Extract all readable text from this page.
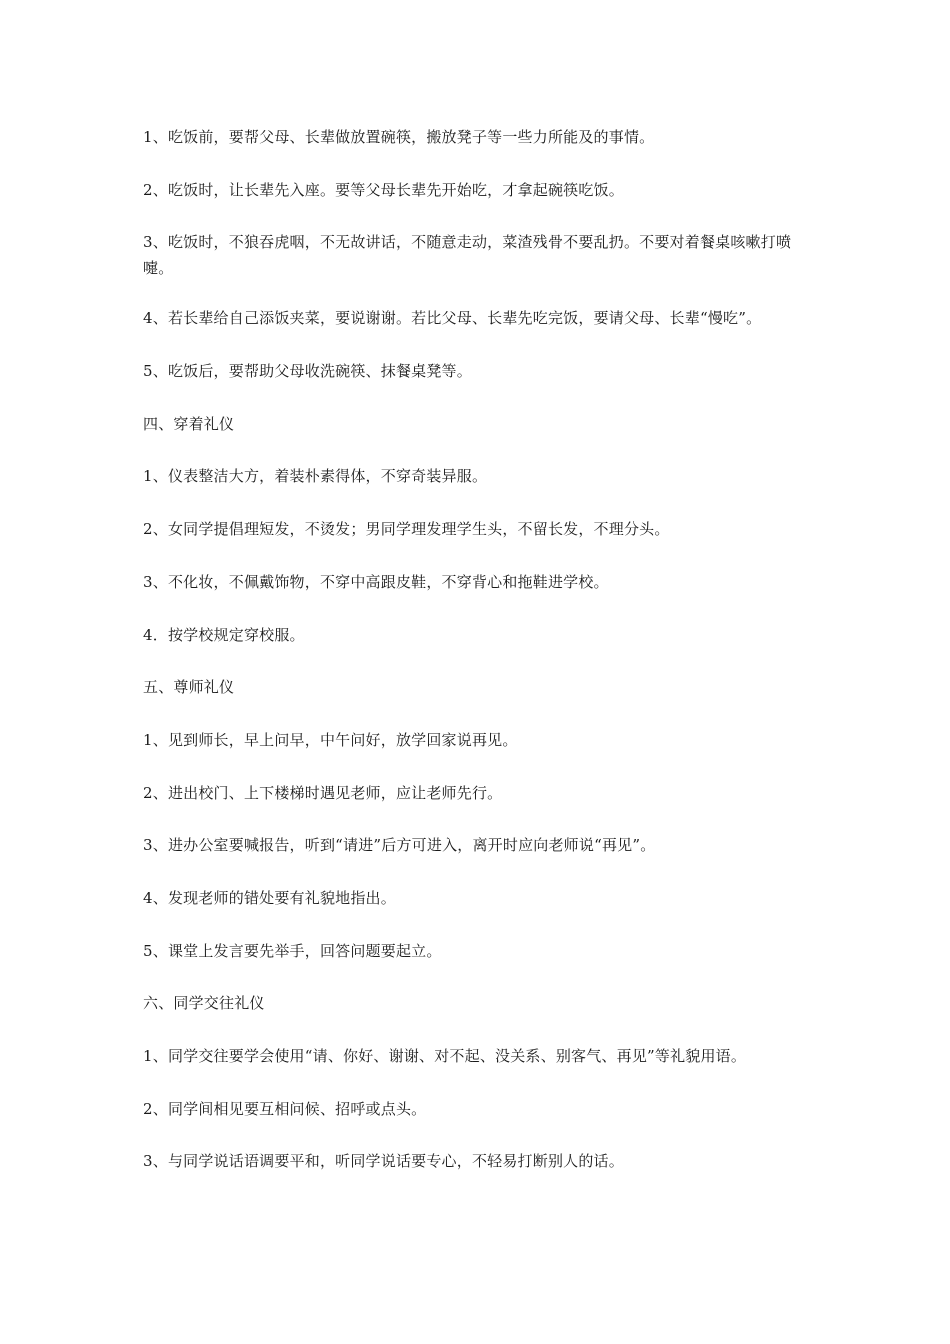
1、吃饭前，要帮父母、长辈做放置碗筷，搬放凳子等一些力所能及的事情。

2、吃饭时，让长辈先入座。要等父母长辈先开始吃，才拿起碗筷吃饭。

3、吃饭时，不狼吞虎咽，不无故讲话，不随意走动，菜渣残骨不要乱扔。不要对着餐桌咳嗽打喷嚏。

4、若长辈给自己添饭夹菜，要说谢谢。若比父母、长辈先吃完饭，要请父母、长辈“慢吃”。

5、吃饭后，要帮助父母收洗碗筷、抹餐桌凳等。

四、穿着礼仪

1、仪表整洁大方，着装朴素得体，不穿奇装异服。

2、女同学提倡理短发，不烫发；男同学理发理学生头，不留长发，不理分头。

3、不化妆，不佩戴饰物，不穿中高跟皮鞋，不穿背心和拖鞋进学校。

4．按学校规定穿校服。

五、尊师礼仪

1、见到师长，早上问早，中午问好，放学回家说再见。

2、进出校门、上下楼梯时遇见老师，应让老师先行。

3、进办公室要喊报告，听到“请进”后方可进入，离开时应向老师说“再见”。

4、发现老师的错处要有礼貌地指出。

5、课堂上发言要先举手，回答问题要起立。

六、同学交往礼仪

1、同学交往要学会使用“请、你好、谢谢、对不起、没关系、别客气、再见”等礼貌用语。

2、同学间相见要互相问候、招呼或点头。

3、与同学说话语调要平和，听同学说话要专心，不轻易打断别人的话。
